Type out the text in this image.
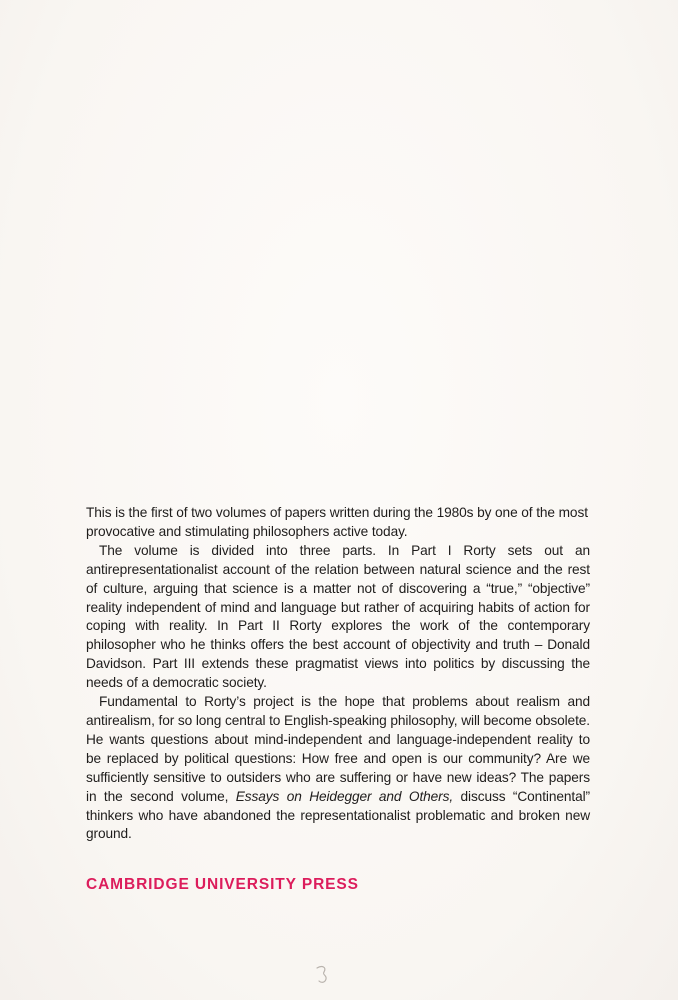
This is the first of two volumes of papers written during the 1980s by one of the most provocative and stimulating philosophers active today.

The volume is divided into three parts. In Part I Rorty sets out an antirepresentationalist account of the relation between natural science and the rest of culture, arguing that science is a matter not of discovering a “true,” “objective” reality independent of mind and language but rather of acquiring habits of action for coping with reality. In Part II Rorty explores the work of the contemporary philosopher who he thinks offers the best account of objectivity and truth – Donald Davidson. Part III extends these pragmatist views into politics by discussing the needs of a democratic society.

Fundamental to Rorty’s project is the hope that problems about realism and antirealism, for so long central to English-speaking philosophy, will become obsolete. He wants questions about mind-independent and language-independent reality to be replaced by political questions: How free and open is our community? Are we sufficiently sensitive to outsiders who are suffering or have new ideas? The papers in the second volume, Essays on Heidegger and Others, discuss “Continental” thinkers who have abandoned the representationalist problematic and broken new ground.

CAMBRIDGE UNIVERSITY PRESS
